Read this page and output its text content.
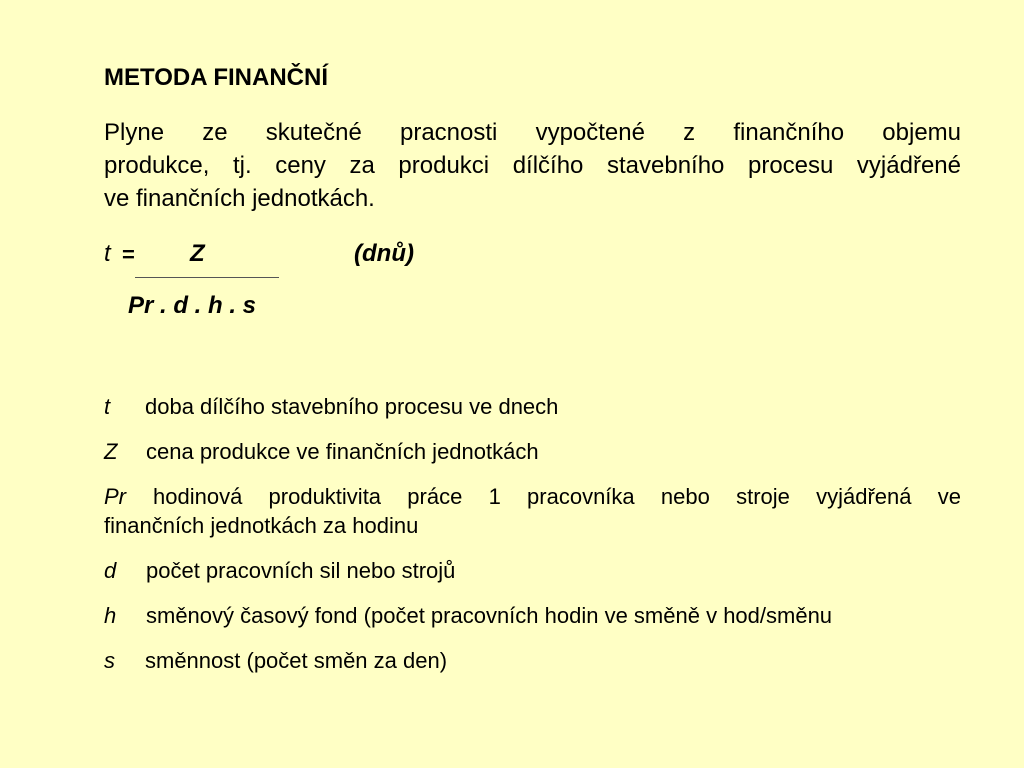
METODA FINANČNÍ
Plyne ze skutečné pracnosti vypočtené z finančního objemu
produkce, tj. ceny za produkci dílčího stavebního procesu vyjádřené
ve finančních jednotkách.
t = Z	(dnů)
Pr . d . h . s
t doba dílčího stavebního procesu ve dnech
Z cena produkce ve finančních jednotkách
Pr hodinová produktivita práce 1 pracovníka nebo stroje vyjádřená ve
finančních jednotkách za hodinu
d počet pracovních sil nebo strojů
h směnový časový fond (počet pracovních hodin ve směně v hod/směnu
s směnnost (počet směn za den)
